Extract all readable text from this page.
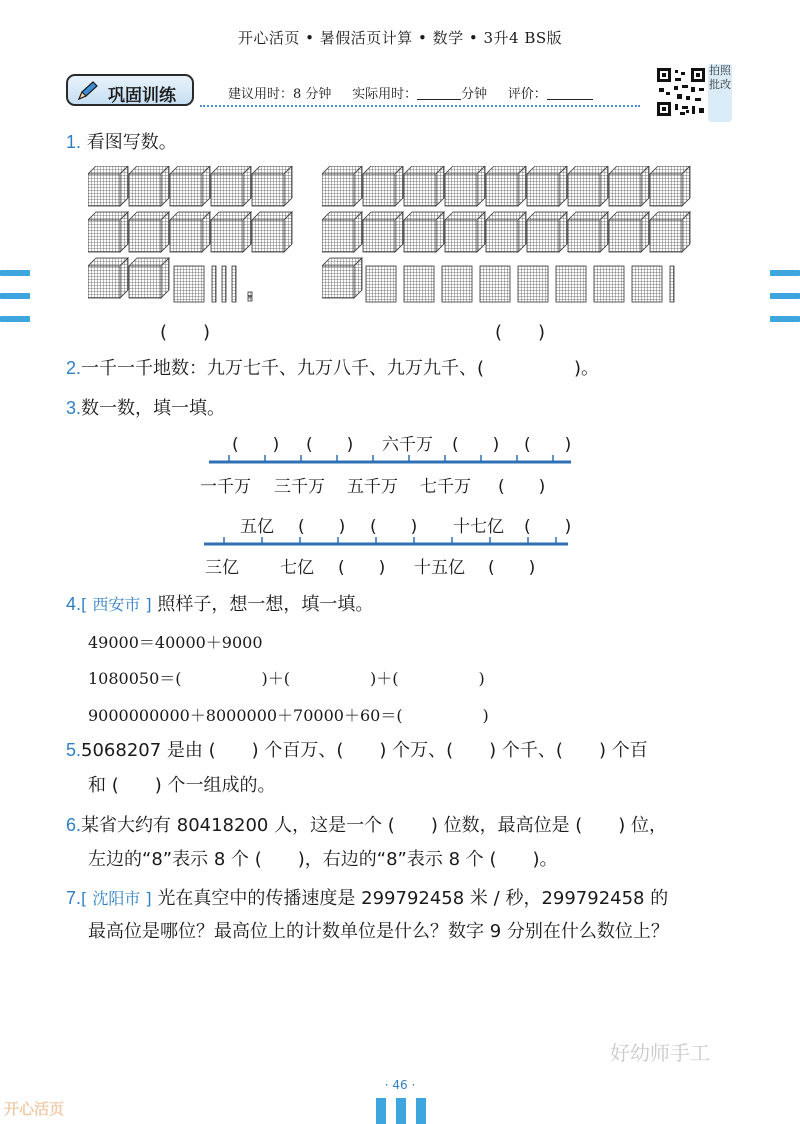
开心活页 • 暑假活页计算 • 数学 • 3升4 BS版
巩固训练	建议用时：8 分钟 实际用时：	分钟 评价：
拍照批改
1. 看图写数。
(　　)	(　　)
2.一千一千地数：九万七千、九万八千、九万九千、(　　　　　)。
3.数一数，填一填。
(　　) (　　) 六千万 (　　) (　　)
一千万 三千万 五千万 七千万 (　　)
五亿 (　　) (　　) 十七亿 (　　)
三亿 七亿 (　　) 十五亿 (　　)
4.[ 西安市 ] 照样子，想一想，填一填。
49000＝40000＋9000
1080050＝(　　　　　)＋(　　　　　)＋(　　　　　)
9000000000＋8000000＋70000＋60＝(　　　　　)
5.5068207 是由 (　　) 个百万、(　　) 个万、(　　) 个千、(　　) 个百
和 (　　) 个一组成的。
6.某省大约有 80418200 人，这是一个 (　　) 位数，最高位是 (　　) 位，
左边的“8”表示 8 个 (　　)，右边的“8”表示 8 个 (　　)。
7.[ 沈阳市 ] 光在真空中的传播速度是 299792458 米 / 秒，299792458 的
最高位是哪位？最高位上的计数单位是什么？数字 9 分别在什么数位上？
好幼师手工
· 46 ·
开心活页
